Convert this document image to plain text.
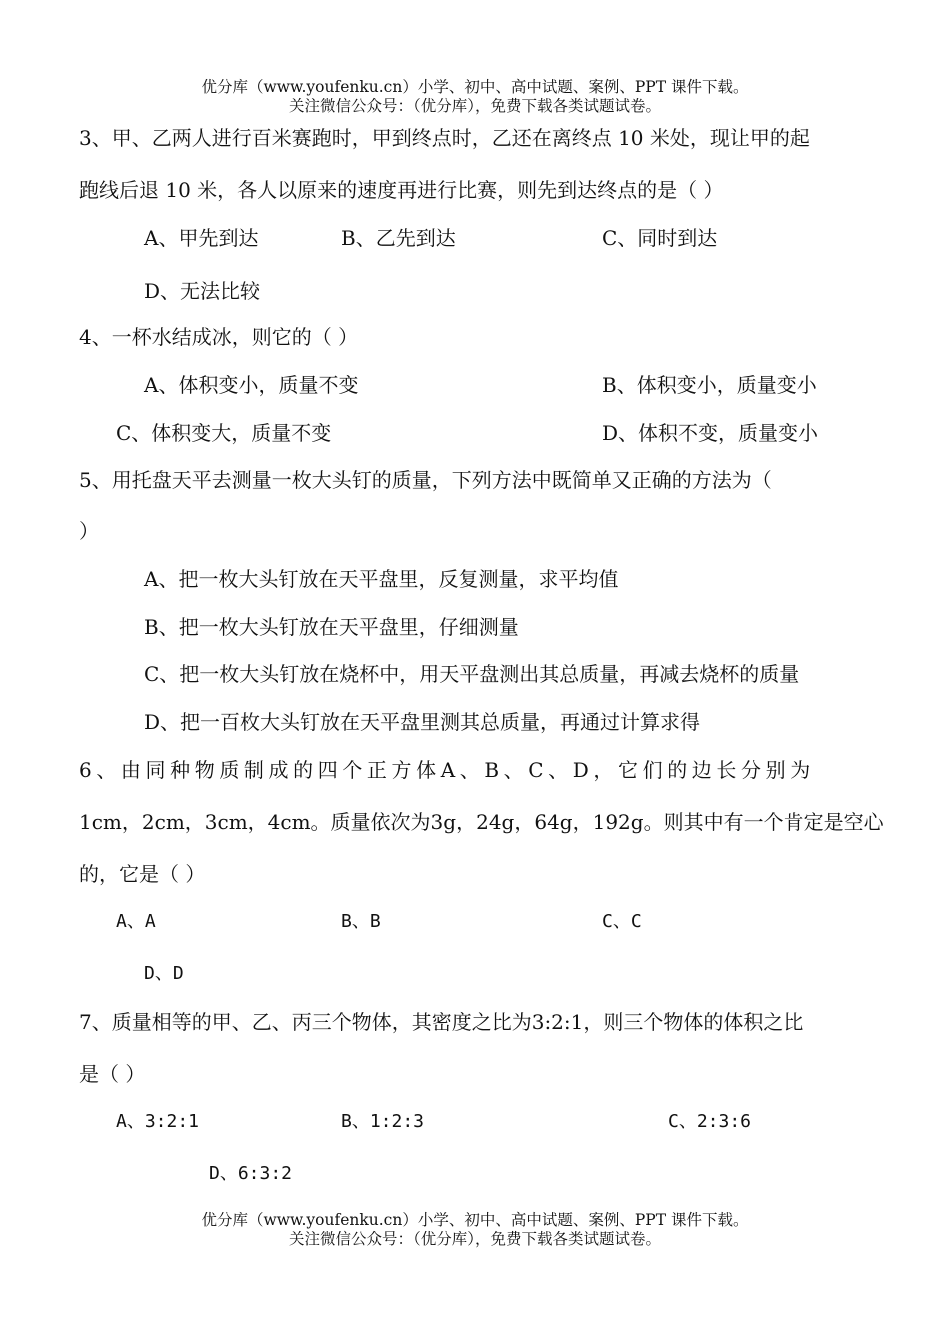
优分库（www.youfenku.cn）小学、初中、高中试题、案例、PPT 课件下载。
关注微信公众号：（优分库），免费下载各类试题试卷。
3、甲、乙两人进行百米赛跑时，甲到终点时，乙还在离终点 10 米处，现让甲的起
跑线后退 10 米，各人以原来的速度再进行比赛，则先到达终点的是（ ）
A、甲先到达	B、乙先到达	C、同时到达
D、无法比较
4、一杯水结成冰，则它的（ ）
A、体积变小，质量不变	B、体积变小，质量变小
C、体积变大，质量不变	D、体积不变，质量变小
5、用托盘天平去测量一枚大头钉的质量，下列方法中既简单又正确的方法为（
）
A、把一枚大头钉放在天平盘里，反复测量，求平均值
B、把一枚大头钉放在天平盘里，仔细测量
C、把一枚大头钉放在烧杯中，用天平盘测出其总质量，再减去烧杯的质量
D、把一百枚大头钉放在天平盘里测其总质量，再通过计算求得
6、由同种物质制成的四个正方体A、B、C、D，它们的边长分别为
1cm，2cm，3cm，4cm。质量依次为3g，24g，64g，192g。则其中有一个肯定是空心
的，它是（ ）
A、A	B、B	C、C
D、D
7、质量相等的甲、乙、丙三个物体，其密度之比为3:2:1，则三个物体的体积之比
是（ ）
A、3:2:1	B、1:2:3	C、2:3:6
D、6:3:2
优分库（www.youfenku.cn）小学、初中、高中试题、案例、PPT 课件下载。
关注微信公众号：（优分库），免费下载各类试题试卷。
